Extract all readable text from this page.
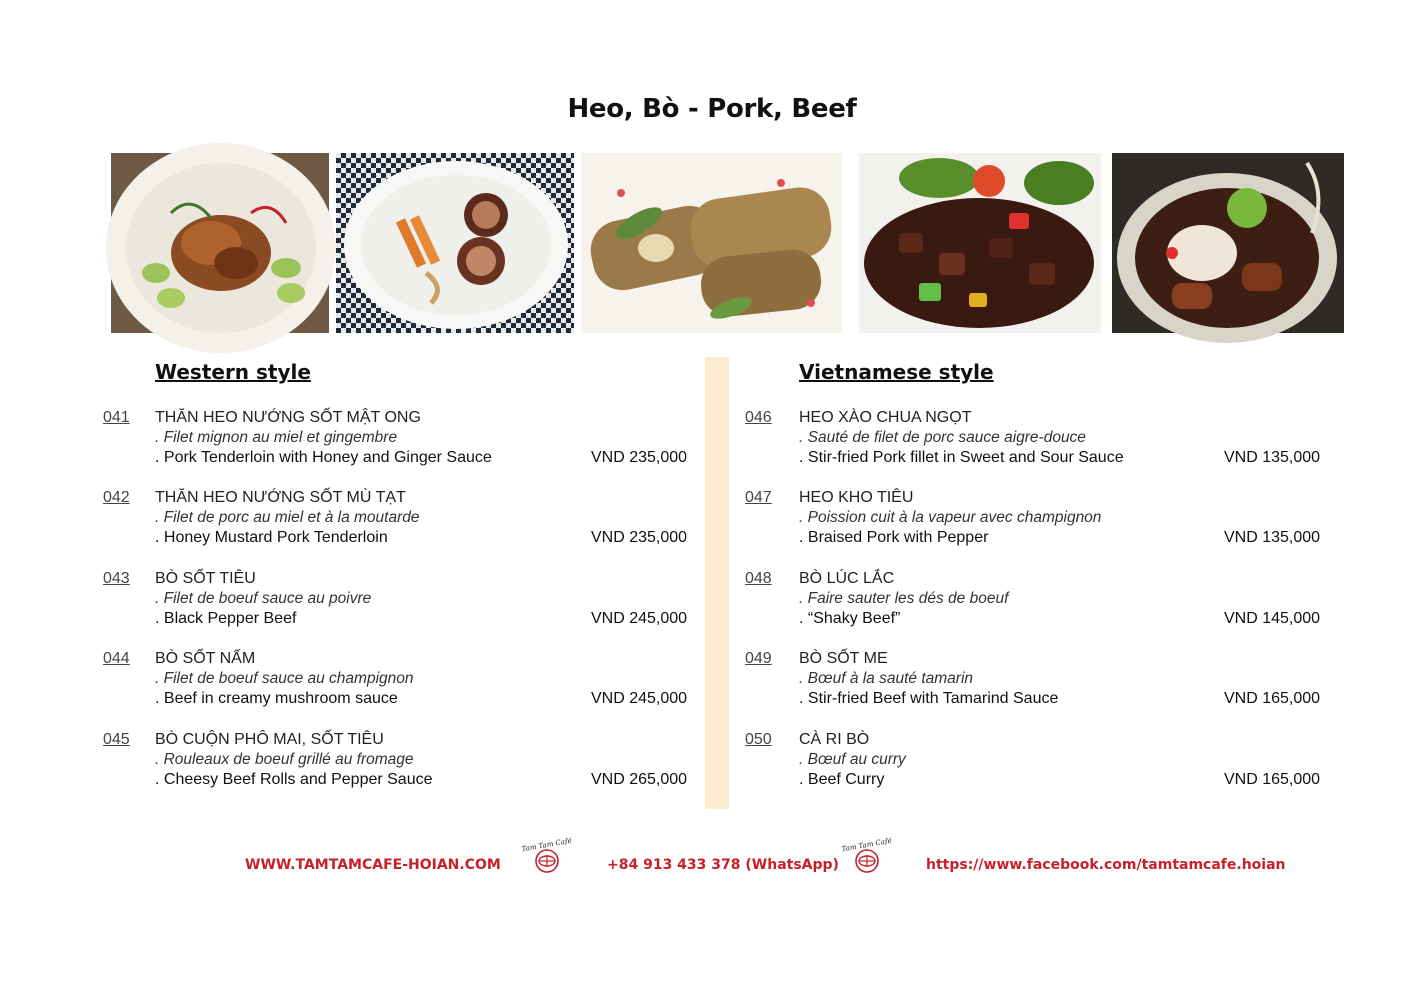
Heo, Bò - Pork, Beef
Western style	Vietnamese style
041 THĂN HEO NƯỚNG SỐT MẬT ONG
. Filet mignon au miel et gingembre
. Pork Tenderloin with Honey and Ginger Sauce	VND 235,000
042 THĂN HEO NƯỚNG SỐT MÙ TẠT
. Filet de porc au miel et à la moutarde
. Honey Mustard Pork Tenderloin	VND 235,000
043 BÒ SỐT TIÊU
. Filet de boeuf sauce au poivre
. Black Pepper Beef	VND 245,000
044 BÒ SỐT NẤM
. Filet de boeuf sauce au champignon
. Beef in creamy mushroom sauce	VND 245,000
045 BÒ CUỘN PHÔ MAI, SỐT TIÊU
. Rouleaux de boeuf grillé au fromage
. Cheesy Beef Rolls and Pepper Sauce	VND 265,000
046 HEO XÀO CHUA NGỌT
. Sauté de filet de porc sauce aigre-douce
. Stir-fried Pork fillet in Sweet and Sour Sauce	VND 135,000
047 HEO KHO TIÊU
. Poission cuit à la vapeur avec champignon
. Braised Pork with Pepper	VND 135,000
048 BÒ LÚC LẮC
. Faire sauter les dés de boeuf
. “Shaky Beef”	VND 145,000
049 BÒ SỐT ME
. Bœuf à la sauté tamarin
. Stir-fried Beef with Tamarind Sauce	VND 165,000
050 CÀ RI BÒ
. Bœuf au curry
. Beef Curry	VND 165,000
WWW.TAMTAMCAFE-HOIAN.COM
Tam Tam Café
+84 913 433 378 (WhatsApp)
Tam Tam Café
https://www.facebook.com/tamtamcafe.hoian
